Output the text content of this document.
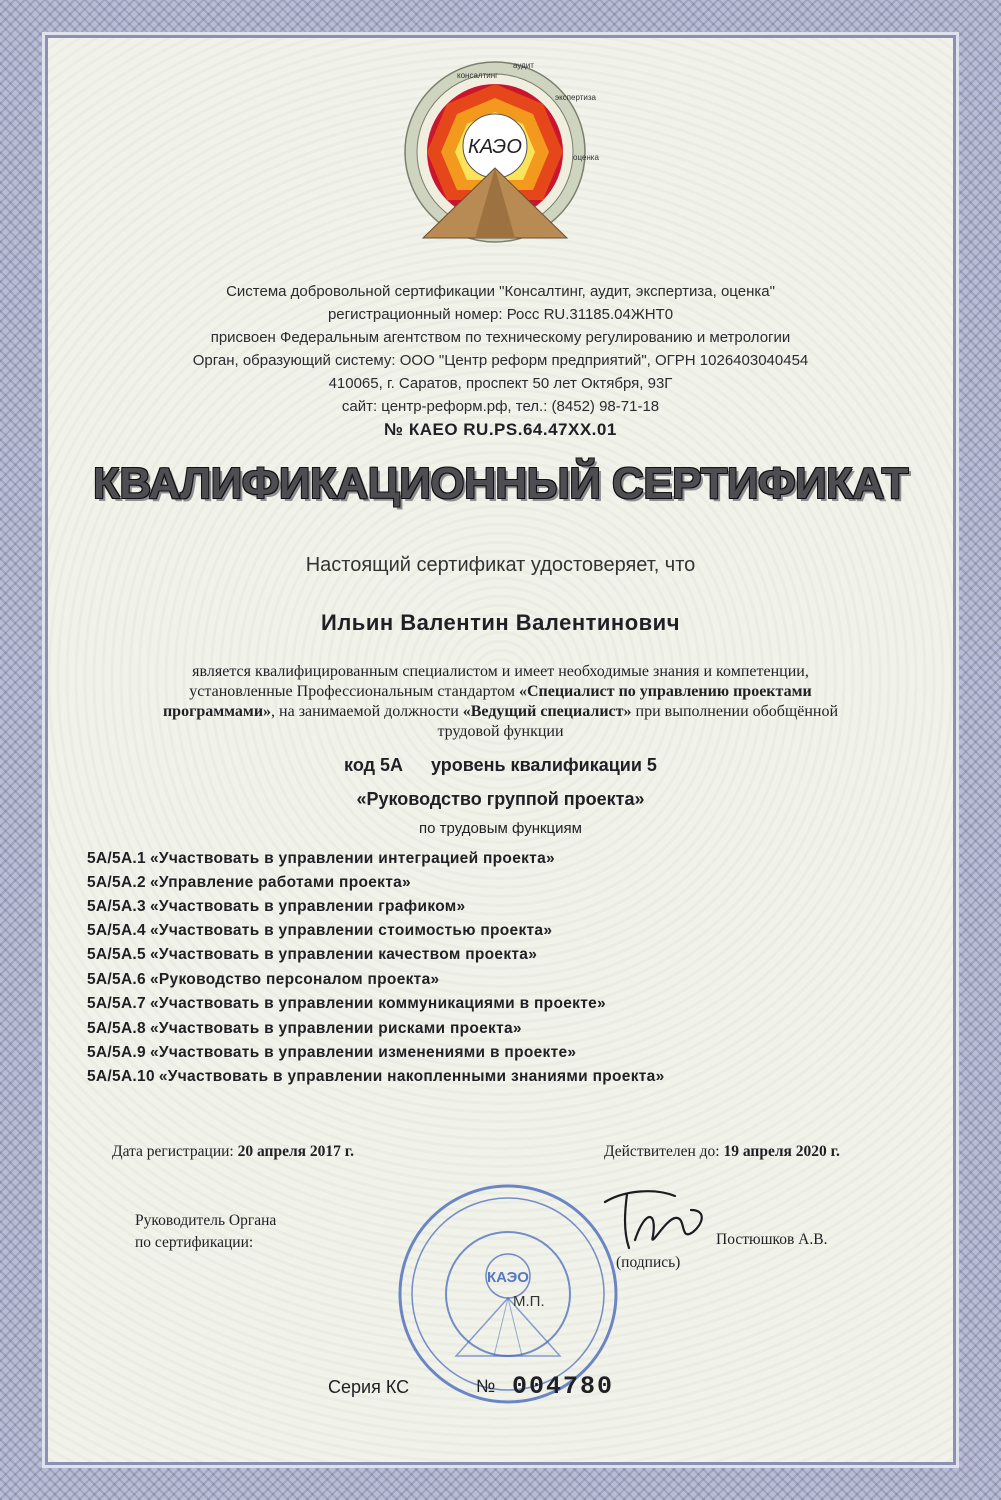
КАЭО
консалтинг
аудит
экспертиза
оценка
Система добровольной сертификации "Консалтинг, аудит, экспертиза, оценка"
регистрационный номер: Росс RU.31185.04ЖНТ0
присвоен Федеральным агентством по техническому регулированию и метрологии
Орган, образующий систему: ООО "Центр реформ предприятий", ОГРН 1026403040454
410065, г. Саратов, проспект 50 лет Октября, 93Г
сайт: центр-реформ.рф, тел.: (8452) 98-71-18
№ КАЕО RU.PS.64.47ХХ.01
КВАЛИФИКАЦИОННЫЙ СЕРТИФИКАТ
Настоящий сертификат удостоверяет, что
Ильин Валентин Валентинович
является квалифицированным специалистом и имеет необходимые знания и компетенции,
установленные Профессиональным стандартом «Специалист по управлению проектами
программами», на занимаемой должности «Ведущий специалист» при выполнении обобщённой
трудовой функции
код 5А уровень квалификации 5
«Руководство группой проекта»
по трудовым функциям
5А/5А.1 «Участвовать в управлении интеграцией проекта»
5А/5А.2 «Управление работами проекта»
5А/5А.3 «Участвовать в управлении графиком»
5А/5А.4 «Участвовать в управлении стоимостью проекта»
5А/5А.5 «Участвовать в управлении качеством проекта»
5А/5А.6 «Руководство персоналом проекта»
5А/5А.7 «Участвовать в управлении коммуникациями в проекте»
5А/5А.8 «Участвовать в управлении рисками проекта»
5А/5А.9 «Участвовать в управлении изменениями в проекте»
5А/5А.10 «Участвовать в управлении накопленными знаниями проекта»
Дата регистрации: 20 апреля 2017 г.	Действителен до: 19 апреля 2020 г.
Руководитель Органа
по сертификации:
КАЭО
М.П.
(подпись)
Постюшков А.В.
Серия КС	№ 004780
